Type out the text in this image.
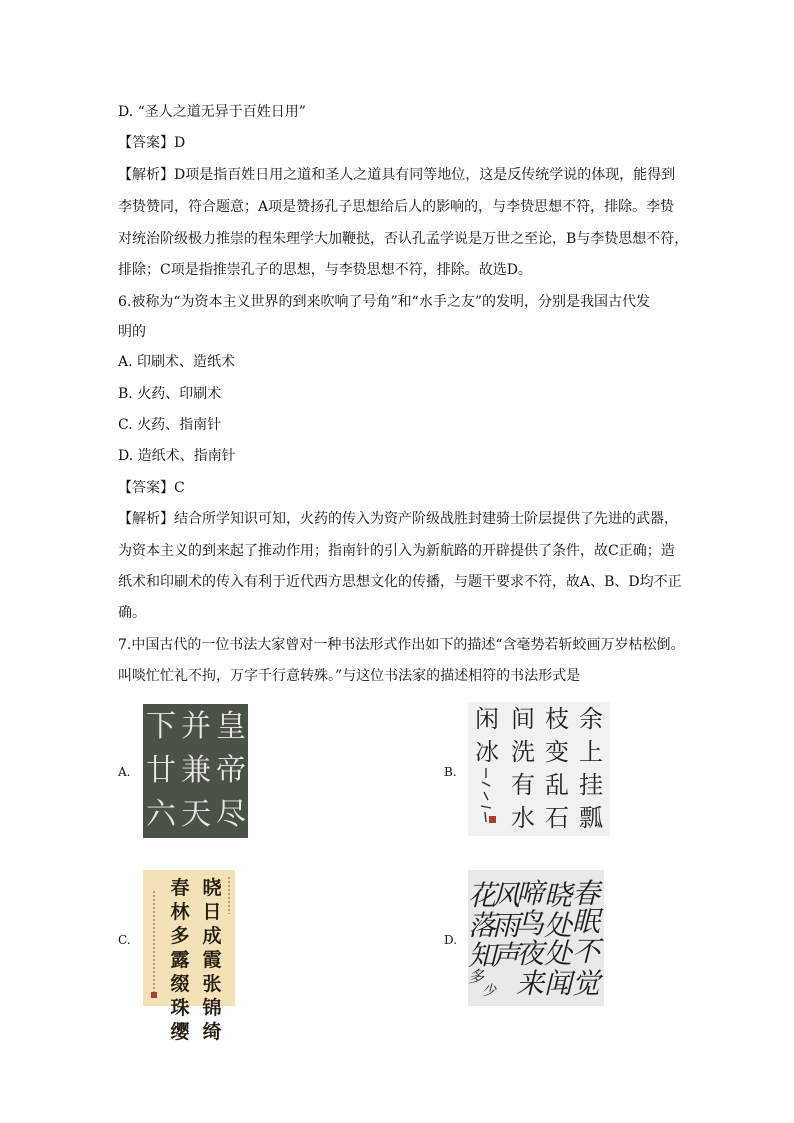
D. “圣人之道无异于百姓日用”
【答案】D
【解析】D项是指百姓日用之道和圣人之道具有同等地位，这是反传统学说的体现，能得到
李贽赞同，符合题意；A项是赞扬孔子思想给后人的影响的，与李贽思想不符，排除。李贽
对统治阶级极力推崇的程朱理学大加鞭挞，否认孔孟学说是万世之至论，B与李贽思想不符，
排除；C项是指推崇孔子的思想，与李贽思想不符，排除。故选D。
6.被称为“为资本主义世界的到来吹响了号角”和“水手之友”的发明，分别是我国古代发
明的
A. 印刷术、造纸术
B. 火药、印刷术
C. 火药、指南针
D. 造纸术、指南针
【答案】C
【解析】结合所学知识可知，火药的传入为资产阶级战胜封建骑士阶层提供了先进的武器，
为资本主义的到来起了推动作用；指南针的引入为新航路的开辟提供了条件，故C正确；造
纸术和印刷术的传入有利于近代西方思想文化的传播，与题干要求不符，故A、B、D均不正
确。
7.中国古代的一位书法大家曾对一种书法形式作出如下的描述“含毫势若斩蛟画万岁枯松倒。
叫啖忙忙礼不拘，万字千行意转殊。”与这位书法家的描述相符的书法形式是
A.	B.
C.	D.
皇
帝
尽
并
兼
天
下
廿
六
余
上
挂
瓢
枝
变
乱
石
间
洗
有
水
闲
冰
晓
日
成
霞
张
锦
绮
春
林
多
露
缀
珠
缨
春
眠
不
觉
晓
处
处
闻
啼
鸟
夜
来
风
雨
声
花
落
知
多
少
